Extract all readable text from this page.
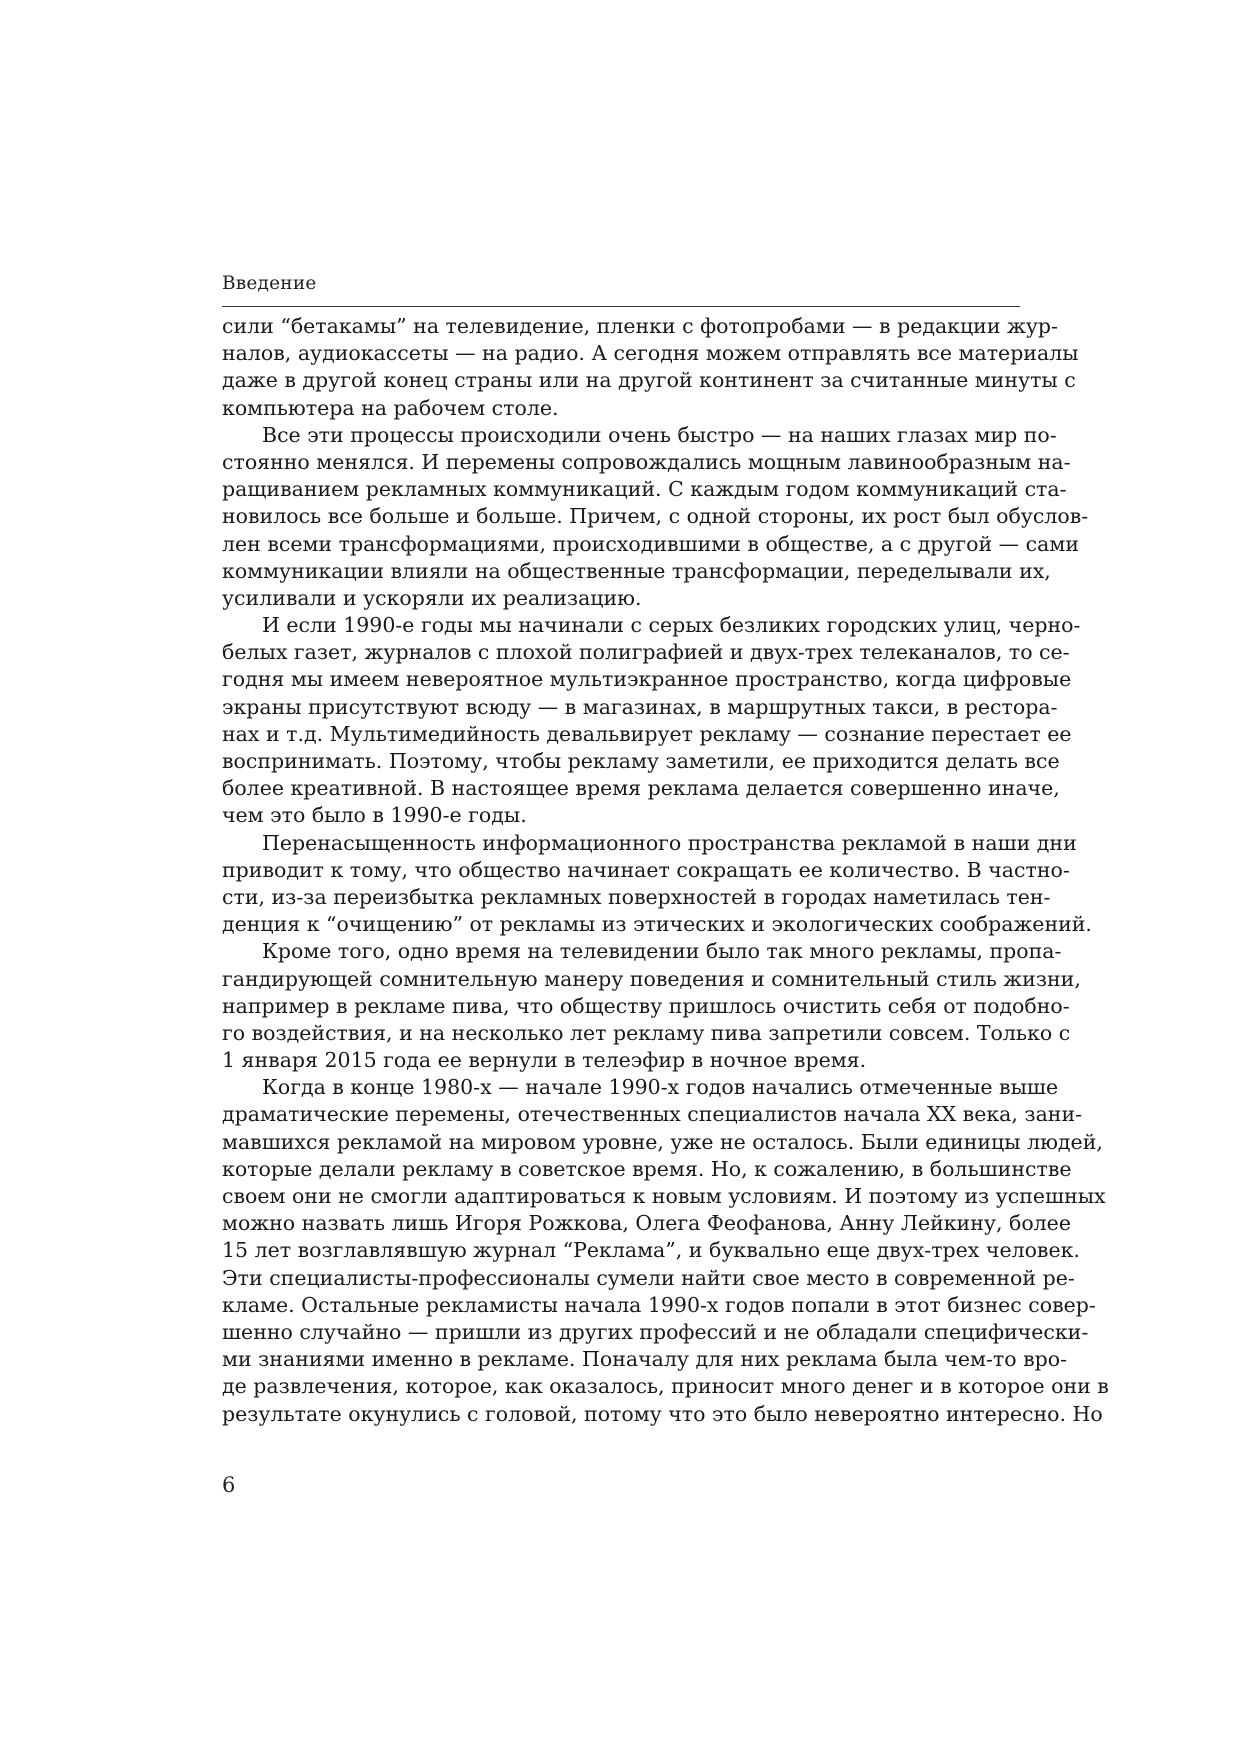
Введение
сили “бетакамы” на телевидение, пленки с фотопробами — в редакции жур-
налов, аудиокассеты — на радио. А сегодня можем отправлять все материалы
даже в другой конец страны или на другой континент за считанные минуты с
компьютера на рабочем столе.
Все эти процессы происходили очень быстро — на наших глазах мир по-
стоянно менялся. И перемены сопровождались мощным лавинообразным на-
ращиванием рекламных коммуникаций. С каждым годом коммуникаций ста-
новилось все больше и больше. Причем, с одной стороны, их рост был обуслов-
лен всеми трансформациями, происходившими в обществе, а с другой — сами
коммуникации влияли на общественные трансформации, переделывали их,
усиливали и ускоряли их реализацию.
И если 1990-е годы мы начинали с серых безликих городских улиц, черно-
белых газет, журналов с плохой полиграфией и двух-трех телеканалов, то се-
годня мы имеем невероятное мультиэкранное пространство, когда цифровые
экраны присутствуют всюду — в магазинах, в маршрутных такси, в рестора-
нах и т.д. Мультимедийность девальвирует рекламу — сознание перестает ее
воспринимать. Поэтому, чтобы рекламу заметили, ее приходится делать все
более креативной. В настоящее время реклама делается совершенно иначе,
чем это было в 1990-е годы.
Перенасыщенность информационного пространства рекламой в наши дни
приводит к тому, что общество начинает сокращать ее количество. В частно-
сти, из-за переизбытка рекламных поверхностей в городах наметилась тен-
денция к “очищению” от рекламы из этических и экологических соображений.
Кроме того, одно время на телевидении было так много рекламы, пропа-
гандирующей сомнительную манеру поведения и сомнительный стиль жизни,
например в рекламе пива, что обществу пришлось очистить себя от подобно-
го воздействия, и на несколько лет рекламу пива запретили совсем. Только с
1 января 2015 года ее вернули в телеэфир в ночное время.
Когда в конце 1980-х — начале 1990-х годов начались отмеченные выше
драматические перемены, отечественных специалистов начала XX века, зани-
мавшихся рекламой на мировом уровне, уже не осталось. Были единицы людей,
которые делали рекламу в советское время. Но, к сожалению, в большинстве
своем они не смогли адаптироваться к новым условиям. И поэтому из успешных
можно назвать лишь Игоря Рожкова, Олега Феофанова, Анну Лейкину, более
15 лет возглавлявшую журнал “Реклама”, и буквально еще двух-трех человек.
Эти специалисты-профессионалы сумели найти свое место в современной ре-
кламе. Остальные рекламисты начала 1990-х годов попали в этот бизнес совер-
шенно случайно — пришли из других профессий и не обладали специфически-
ми знаниями именно в рекламе. Поначалу для них реклама была чем-то вро-
де развлечения, которое, как оказалось, приносит много денег и в которое они в
результате окунулись с головой, потому что это было невероятно интересно. Но
6
